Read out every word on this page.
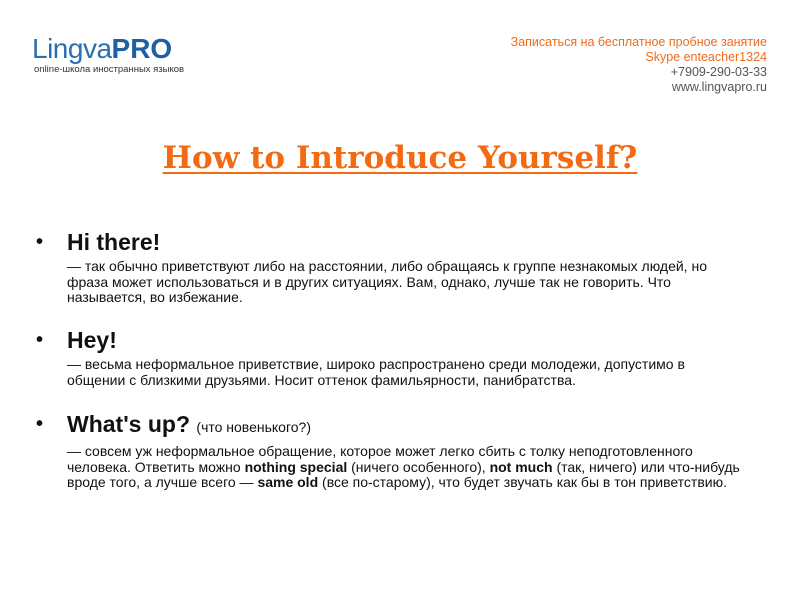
LingvaPRO
online-школа иностранных языков
Записаться на бесплатное пробное занятие
Skype enteacher1324
+7909-290-03-33
www.lingvapro.ru
How to Introduce Yourself?
• Hi there!
— так обычно приветствуют либо на расстоянии, либо обращаясь к группе незнакомых людей, но фраза может использоваться и в других ситуациях. Вам, однако, лучше так не говорить. Что называется, во избежание.
• Hey!
— весьма неформальное приветствие, широко распространено среди молодежи, допустимо в общении с близкими друзьями. Носит оттенок фамильярности, панибратства.
• What's up? (что новенького?)
— совсем уж неформальное обращение, которое может легко сбить с толку неподготовленного человека. Ответить можно nothing special (ничего особенного), not much (так, ничего) или что-нибудь вроде того, а лучше всего — same old (все по-старому), что будет звучать как бы в тон приветствию.
